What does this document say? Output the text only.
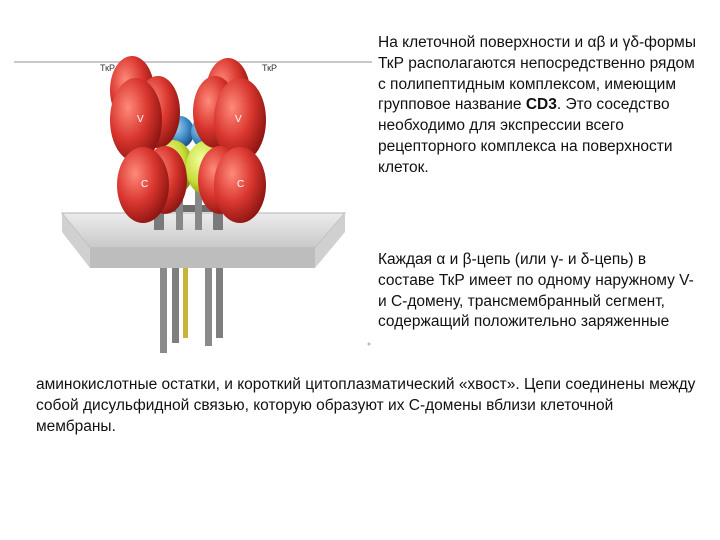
ТкР	ТкР
V
C
V
C
На клеточной поверхности и αβ и γδ-формы ТкР располагаются непосредственно рядом с полипептидным комплексом, имеющим групповое название CD3. Это соседство необходимо для экспрессии всего рецепторного комплекса на поверхности клеток.
Каждая α и β-цепь (или γ- и δ-цепь) в составе ТкР имеет по одному наружному V- и C-домену, трансмембранный сегмент, содержащий положительно заряженные
аминокислотные остатки, и короткий цитоплазматический «хвост». Цепи соединены между собой дисульфидной связью, которую образуют их C-домены вблизи клеточной мембраны.
